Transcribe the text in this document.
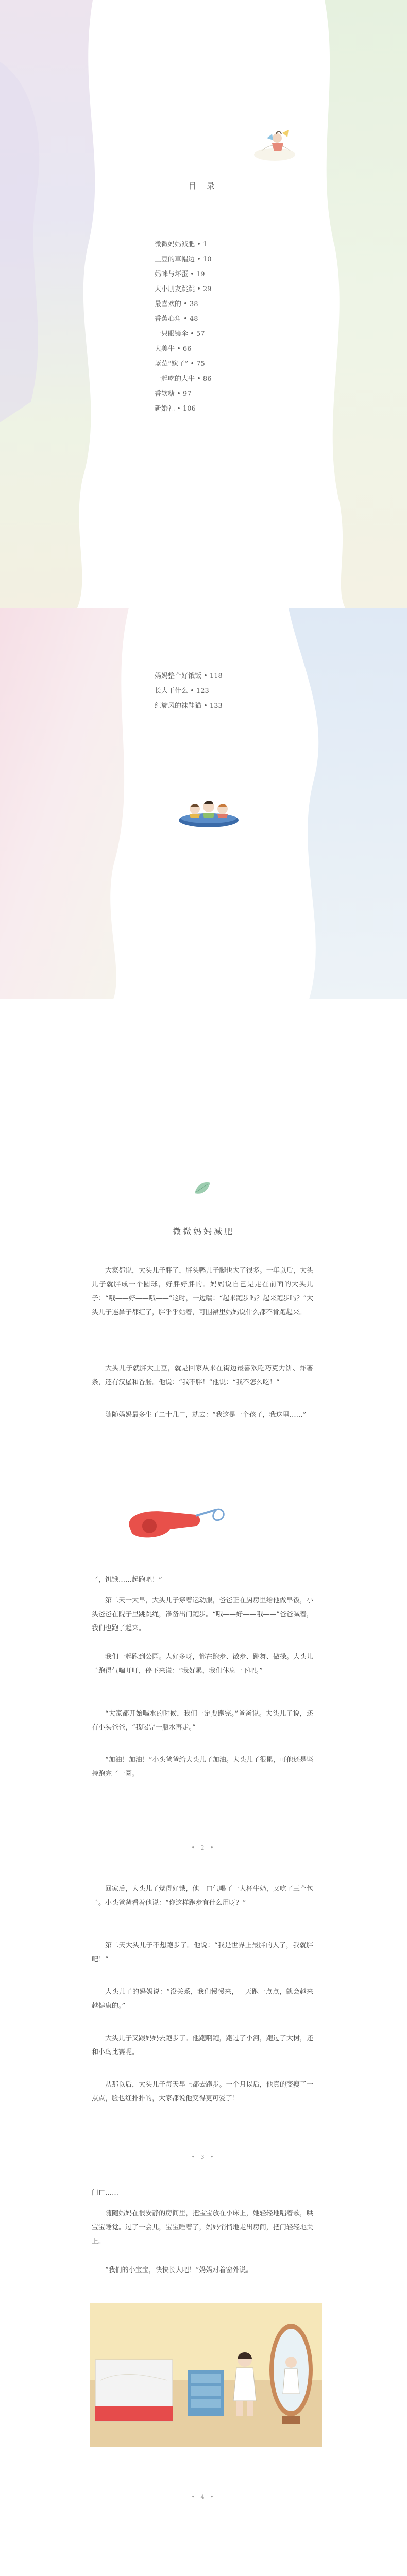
目 录
微微妈妈减肥 • 1
土豆的草帽边 • 10
妈咪与坏蛋 • 19
大小朋友跳跳 • 29
最喜欢的 • 38
香蕉心角 • 48
一只眼镜伞 • 57
大美牛 • 66
蓝莓“嫁子” • 75
一起吃的大牛 • 86
香软糖 • 97
新婚礼 • 106
妈妈整个好饿饭 • 118
长大干什么 • 123
红旋风的袜鞋猫 • 133
微微妈妈减肥

大家都说，大头儿子胖了，胖头鸭儿子脚也大了很多。一年以后，大头儿子就胖成一个圆球，好胖好胖的。妈妈说自己是走在前面的大头儿子：“哦——好——哦——”这时，一边喘：“起来跑步吗？起来跑步吗？”大头儿子连鼻子都红了，胖乎乎站着，可围裙里妈妈说什么都不肯跑起来。

大头儿子就胖大土豆，就是回家从来在街边最喜欢吃巧克力饼、炸薯条，还有汉堡和香肠。他说：“我不胖！”他说：“我不怎么吃！”

随随妈妈最多生了二十几口，就去：“我这是一个孩子，我这里……”

了，饥饿……起跑吧！”

第二天一大早，大头儿子穿着运动服，爸爸正在厨房里给他做早饭，小头爸爸在院子里跳跳绳，准备出门跑步。“哦——好——哦——”爸爸喊着，我们也跑了起来。

我们一起跑到公园。人好多呀，都在跑步、散步、跳舞、做操。大头儿子跑得气喘吁吁，停下来说：“我好累，我们休息一下吧。”

“大家都开始喝水的时候，我们一定要跑完。”爸爸说。大头儿子说，还有小头爸爸，“我喝完一瓶水再走。”

“加油！加油！”小头爸爸给大头儿子加油。大头儿子很累，可他还是坚持跑完了一圈。

• 2 •

回家后，大头儿子觉得好饿，他一口气喝了一大杯牛奶，又吃了三个包子。小头爸爸看着他说：“你这样跑步有什么用呀？”

第二天大头儿子不想跑步了。他说：“我是世界上最胖的人了，我就胖吧！”

大头儿子的妈妈说：“没关系，我们慢慢来，一天跑一点点，就会越来越健康的。”

大头儿子又跟妈妈去跑步了。他跑啊跑，跑过了小河，跑过了大树，还和小鸟比赛呢。

从那以后，大头儿子每天早上都去跑步。一个月以后，他真的变瘦了一点点，脸也红扑扑的，大家都说他变得更可爱了！

• 3 •

门口……

随随妈妈在很安静的房间里，把宝宝放在小床上，她轻轻地唱着歌，哄宝宝睡觉。过了一会儿，宝宝睡着了，妈妈悄悄地走出房间，把门轻轻地关上。

“我们的小宝宝，快快长大吧！”妈妈对着窗外说。

• 4 •
